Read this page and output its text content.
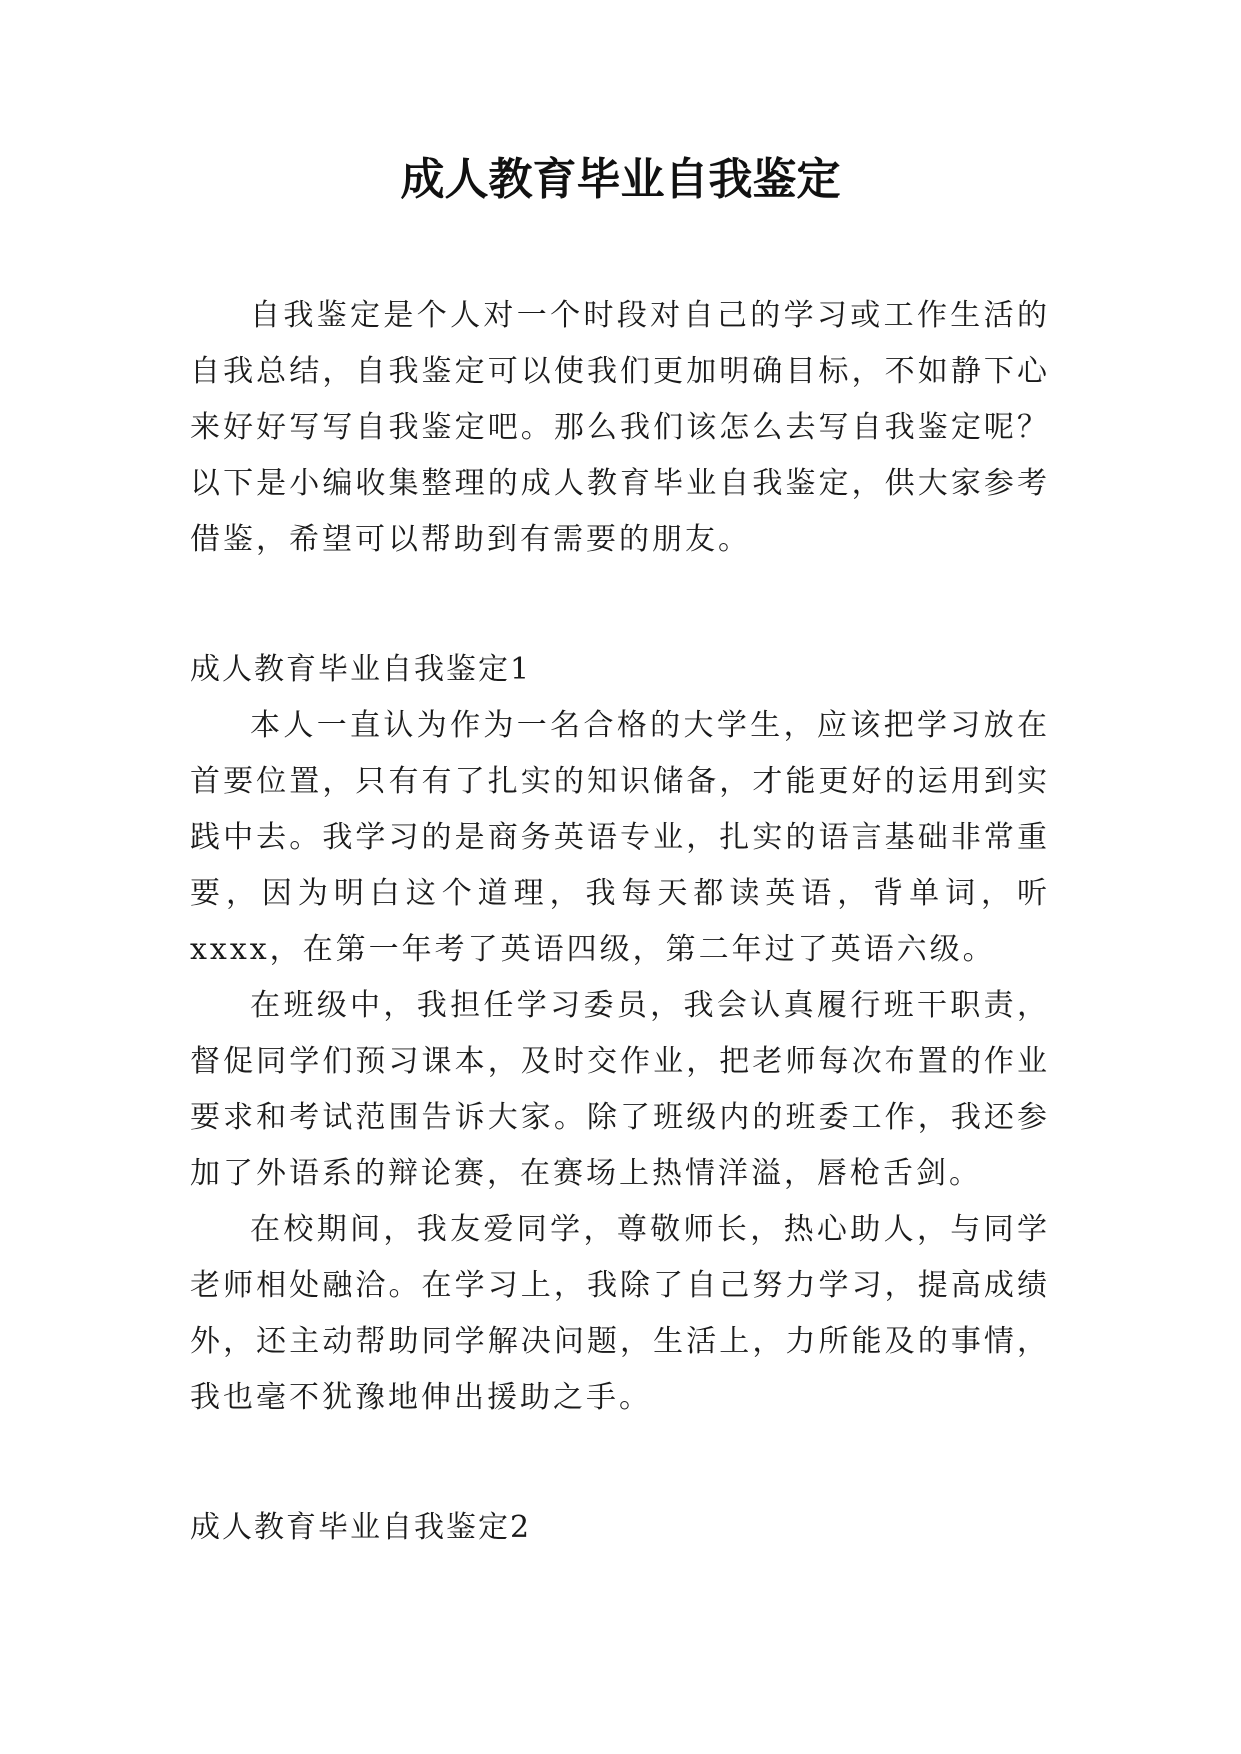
成人教育毕业自我鉴定

自我鉴定是个人对一个时段对自己的学习或工作生活的自我总结，自我鉴定可以使我们更加明确目标，不如静下心来好好写写自我鉴定吧。那么我们该怎么去写自我鉴定呢？以下是小编收集整理的成人教育毕业自我鉴定，供大家参考借鉴，希望可以帮助到有需要的朋友。

成人教育毕业自我鉴定1

本人一直认为作为一名合格的大学生，应该把学习放在首要位置，只有有了扎实的知识储备，才能更好的运用到实践中去。我学习的是商务英语专业，扎实的语言基础非常重要，因为明白这个道理，我每天都读英语，背单词，听xxxx，在第一年考了英语四级，第二年过了英语六级。

在班级中，我担任学习委员，我会认真履行班干职责，督促同学们预习课本，及时交作业，把老师每次布置的作业要求和考试范围告诉大家。除了班级内的班委工作，我还参加了外语系的辩论赛，在赛场上热情洋溢，唇枪舌剑。

在校期间，我友爱同学，尊敬师长，热心助人，与同学老师相处融洽。在学习上，我除了自己努力学习，提高成绩外，还主动帮助同学解决问题，生活上，力所能及的事情，我也毫不犹豫地伸出援助之手。

成人教育毕业自我鉴定2
